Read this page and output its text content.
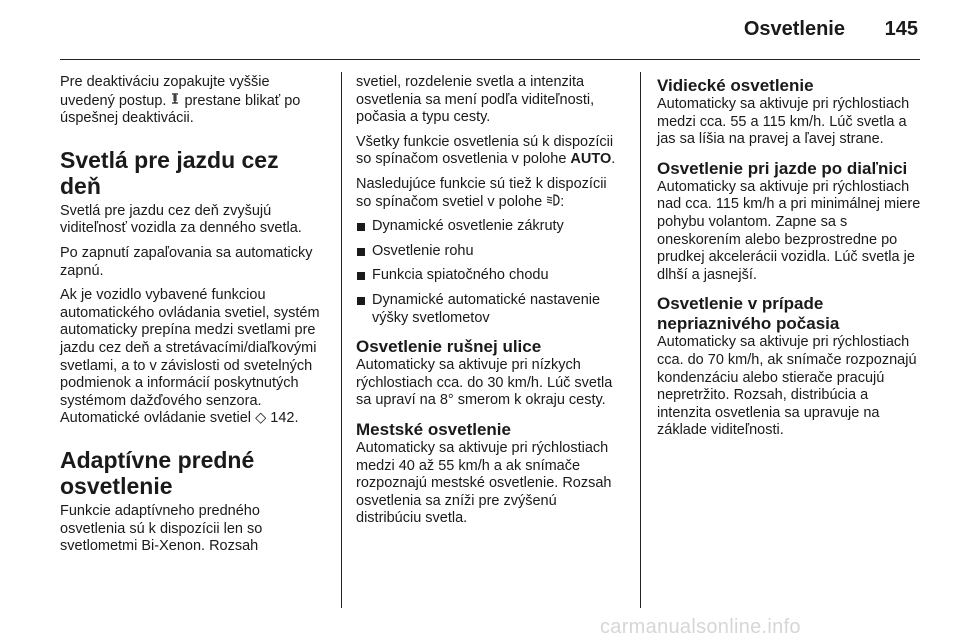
Osvetlenie 145

Pre deaktiváciu zopakujte vyššie uvedený postup.  prestane blikať po úspešnej deaktivácii.

Svetlá pre jazdu cez deň

Svetlá pre jazdu cez deň zvyšujú viditeľnosť vozidla za denného svetla.

Po zapnutí zapaľovania sa automaticky zapnú.

Ak je vozidlo vybavené funkciou automatického ovládania svetiel, systém automaticky prepína medzi svetlami pre jazdu cez deň a stretávacími/diaľkovými svetlami, a to v závislosti od svetelných podmienok a informácií poskytnutých systémom dažďového senzora. Automatické ovládanie svetiel ◇ 142.

Adaptívne predné osvetlenie

Funkcie adaptívneho predného osvetlenia sú k dispozícii len so svetlometmi Bi-Xenon. Rozsah

svetiel, rozdelenie svetla a intenzita osvetlenia sa mení podľa viditeľnosti, počasia a typu cesty.

Všetky funkcie osvetlenia sú k dispozícii so spínačom osvetlenia v polohe AUTO.

Nasledujúce funkcie sú tiež k dispozícii so spínačom svetiel v polohe :

Dynamické osvetlenie zákruty
Osvetlenie rohu
Funkcia spiatočného chodu
Dynamické automatické nastavenie výšky svetlometov
Osvetlenie rušnej ulice

Automaticky sa aktivuje pri nízkych rýchlostiach cca. do 30 km/h. Lúč svetla sa upraví na 8° smerom k okraju cesty.

Mestské osvetlenie

Automaticky sa aktivuje pri rýchlostiach medzi 40 až 55 km/h a ak snímače rozpoznajú mestské osvetlenie. Rozsah osvetlenia sa zníži pre zvýšenú distribúciu svetla.

Vidiecké osvetlenie

Automaticky sa aktivuje pri rýchlostiach medzi cca. 55 a 115 km/h. Lúč svetla a jas sa líšia na pravej a ľavej strane.

Osvetlenie pri jazde po diaľnici

Automaticky sa aktivuje pri rýchlostiach nad cca. 115 km/h a pri minimálnej miere pohybu volantom. Zapne sa s oneskorením alebo bezprostredne po prudkej akcelerácii vozidla. Lúč svetla je dlhší a jasnejší.

Osvetlenie v prípade nepriaznivého počasia

Automaticky sa aktivuje pri rýchlostiach cca. do 70 km/h, ak snímače rozpoznajú kondenzáciu alebo stierače pracujú nepretržito. Rozsah, distribúcia a intenzita osvetlenia sa upravuje na základe viditeľnosti.

carmanualsonline.info
